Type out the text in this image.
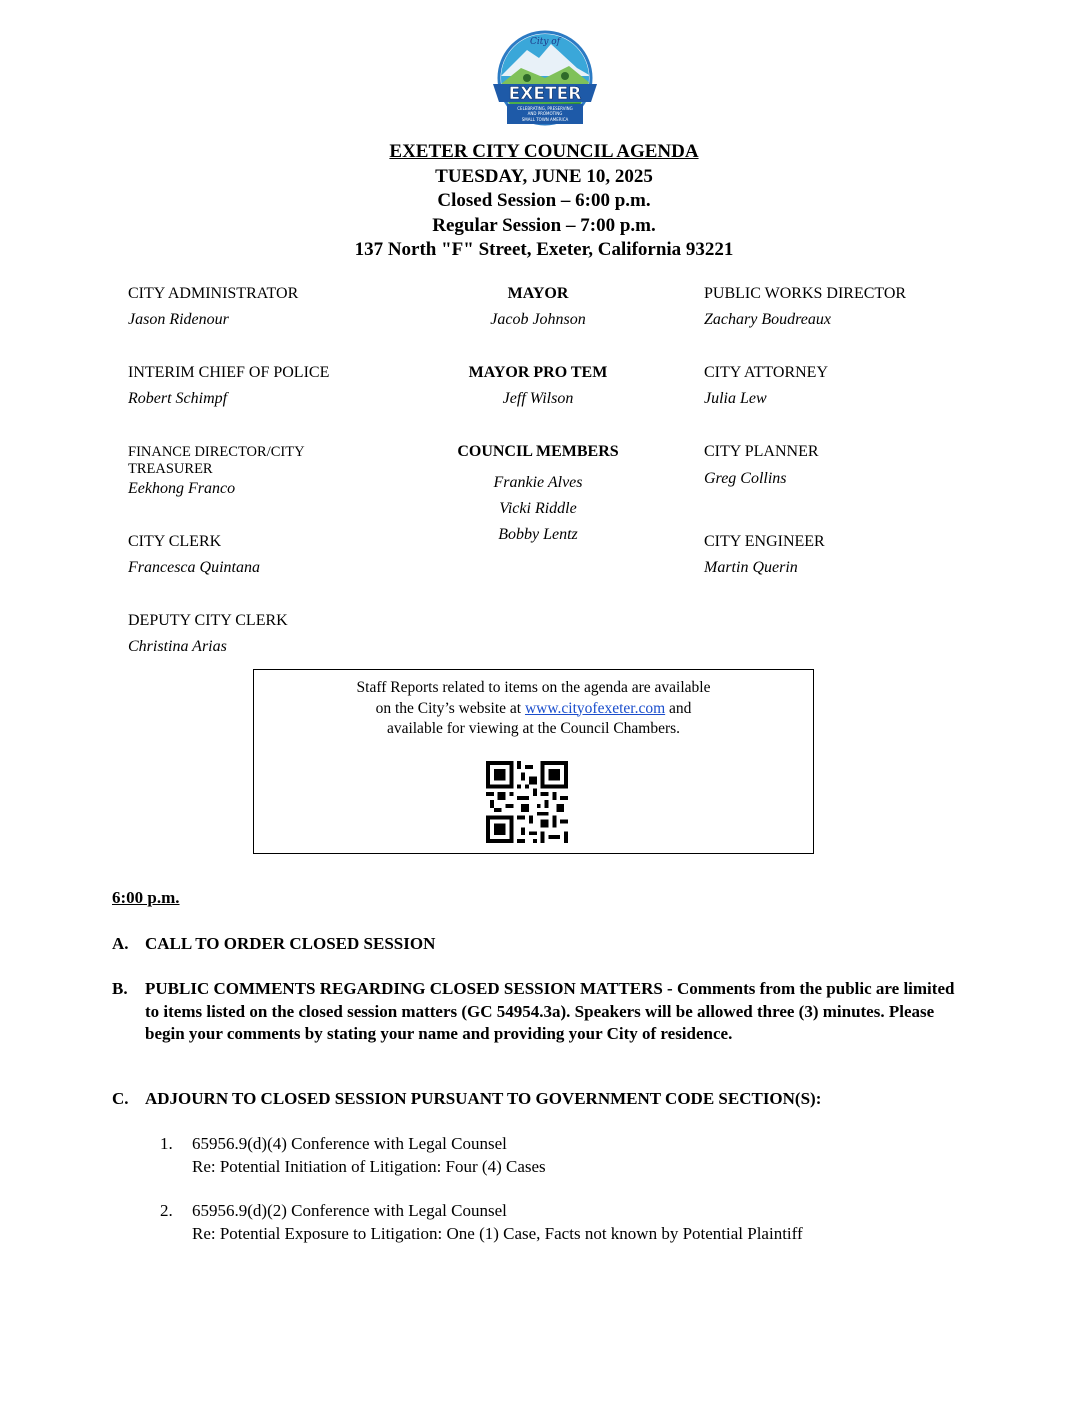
City of
EXETER
CELEBRATING, PRESERVING
AND PROMOTING
SMALL TOWN AMERICA
EXETER CITY COUNCIL AGENDA
TUESDAY, JUNE 10, 2025
Closed Session – 6:00 p.m.
Regular Session – 7:00 p.m.
137 North "F" Street, Exeter, California 93221
CITY ADMINISTRATOR
Jason Ridenour
INTERIM CHIEF OF POLICE
Robert Schimpf
FINANCE DIRECTOR/CITY
TREASURER
Eekhong Franco
CITY CLERK
Francesca Quintana
DEPUTY CITY CLERK
Christina Arias
MAYOR
Jacob Johnson
MAYOR PRO TEM
Jeff Wilson
COUNCIL MEMBERS
Frankie Alves
Vicki Riddle
Bobby Lentz
PUBLIC WORKS DIRECTOR
Zachary Boudreaux
CITY ATTORNEY
Julia Lew
CITY PLANNER
Greg Collins
CITY ENGINEER
Martin Querin
Staff Reports related to items on the agenda are available
on the City’s website at www.cityofexeter.com and
available for viewing at the Council Chambers.
6:00 p.m.
A. CALL TO ORDER CLOSED SESSION
B. PUBLIC COMMENTS REGARDING CLOSED SESSION MATTERS - Comments from the public are limited to items listed on the closed session matters (GC 54954.3a). Speakers will be allowed three (3) minutes. Please begin your comments by stating your name and providing your City of residence.
C. ADJOURN TO CLOSED SESSION PURSUANT TO GOVERNMENT CODE SECTION(S):
1. 65956.9(d)(4) Conference with Legal Counsel
Re: Potential Initiation of Litigation: Four (4) Cases
2. 65956.9(d)(2) Conference with Legal Counsel
Re: Potential Exposure to Litigation: One (1) Case, Facts not known by Potential Plaintiff
